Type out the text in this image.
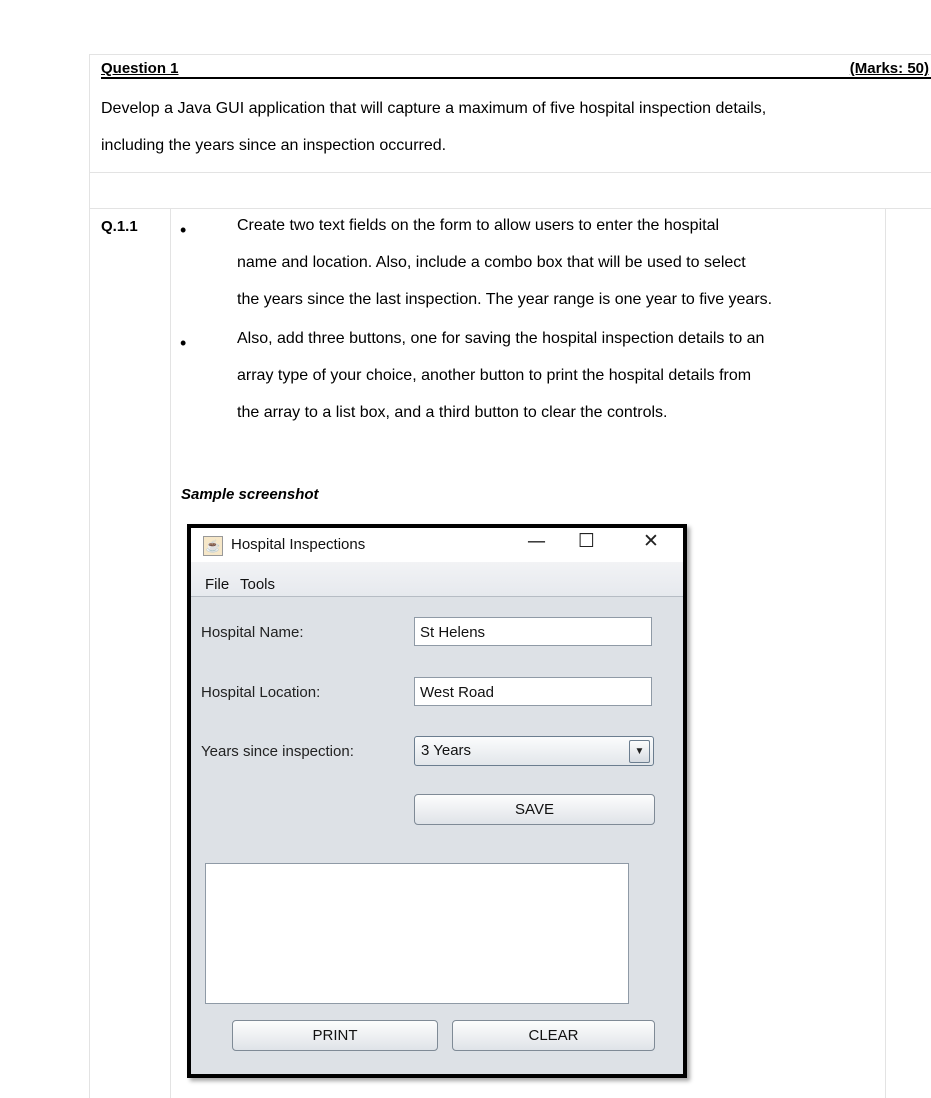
Question 1	(Marks: 50)
Develop a Java GUI application that will capture a maximum of five hospital inspection details,
including the years since an inspection occurred.
Q.1.1 •	Create two text fields on the form to allow users to enter the hospital
name and location. Also, include a combo box that will be used to select
the years since the last inspection. The year range is one year to five years.
•	Also, add three buttons, one for saving the hospital inspection details to an
array type of your choice, another button to print the hospital details from
the array to a list box, and a third button to clear the controls.
Sample screenshot
☕ Hospital Inspections	— ☐	✕
File Tools
Hospital Name:	St Helens
Hospital Location:	West Road
Years since inspection:	3 Years	▼
SAVE
PRINT	CLEAR
